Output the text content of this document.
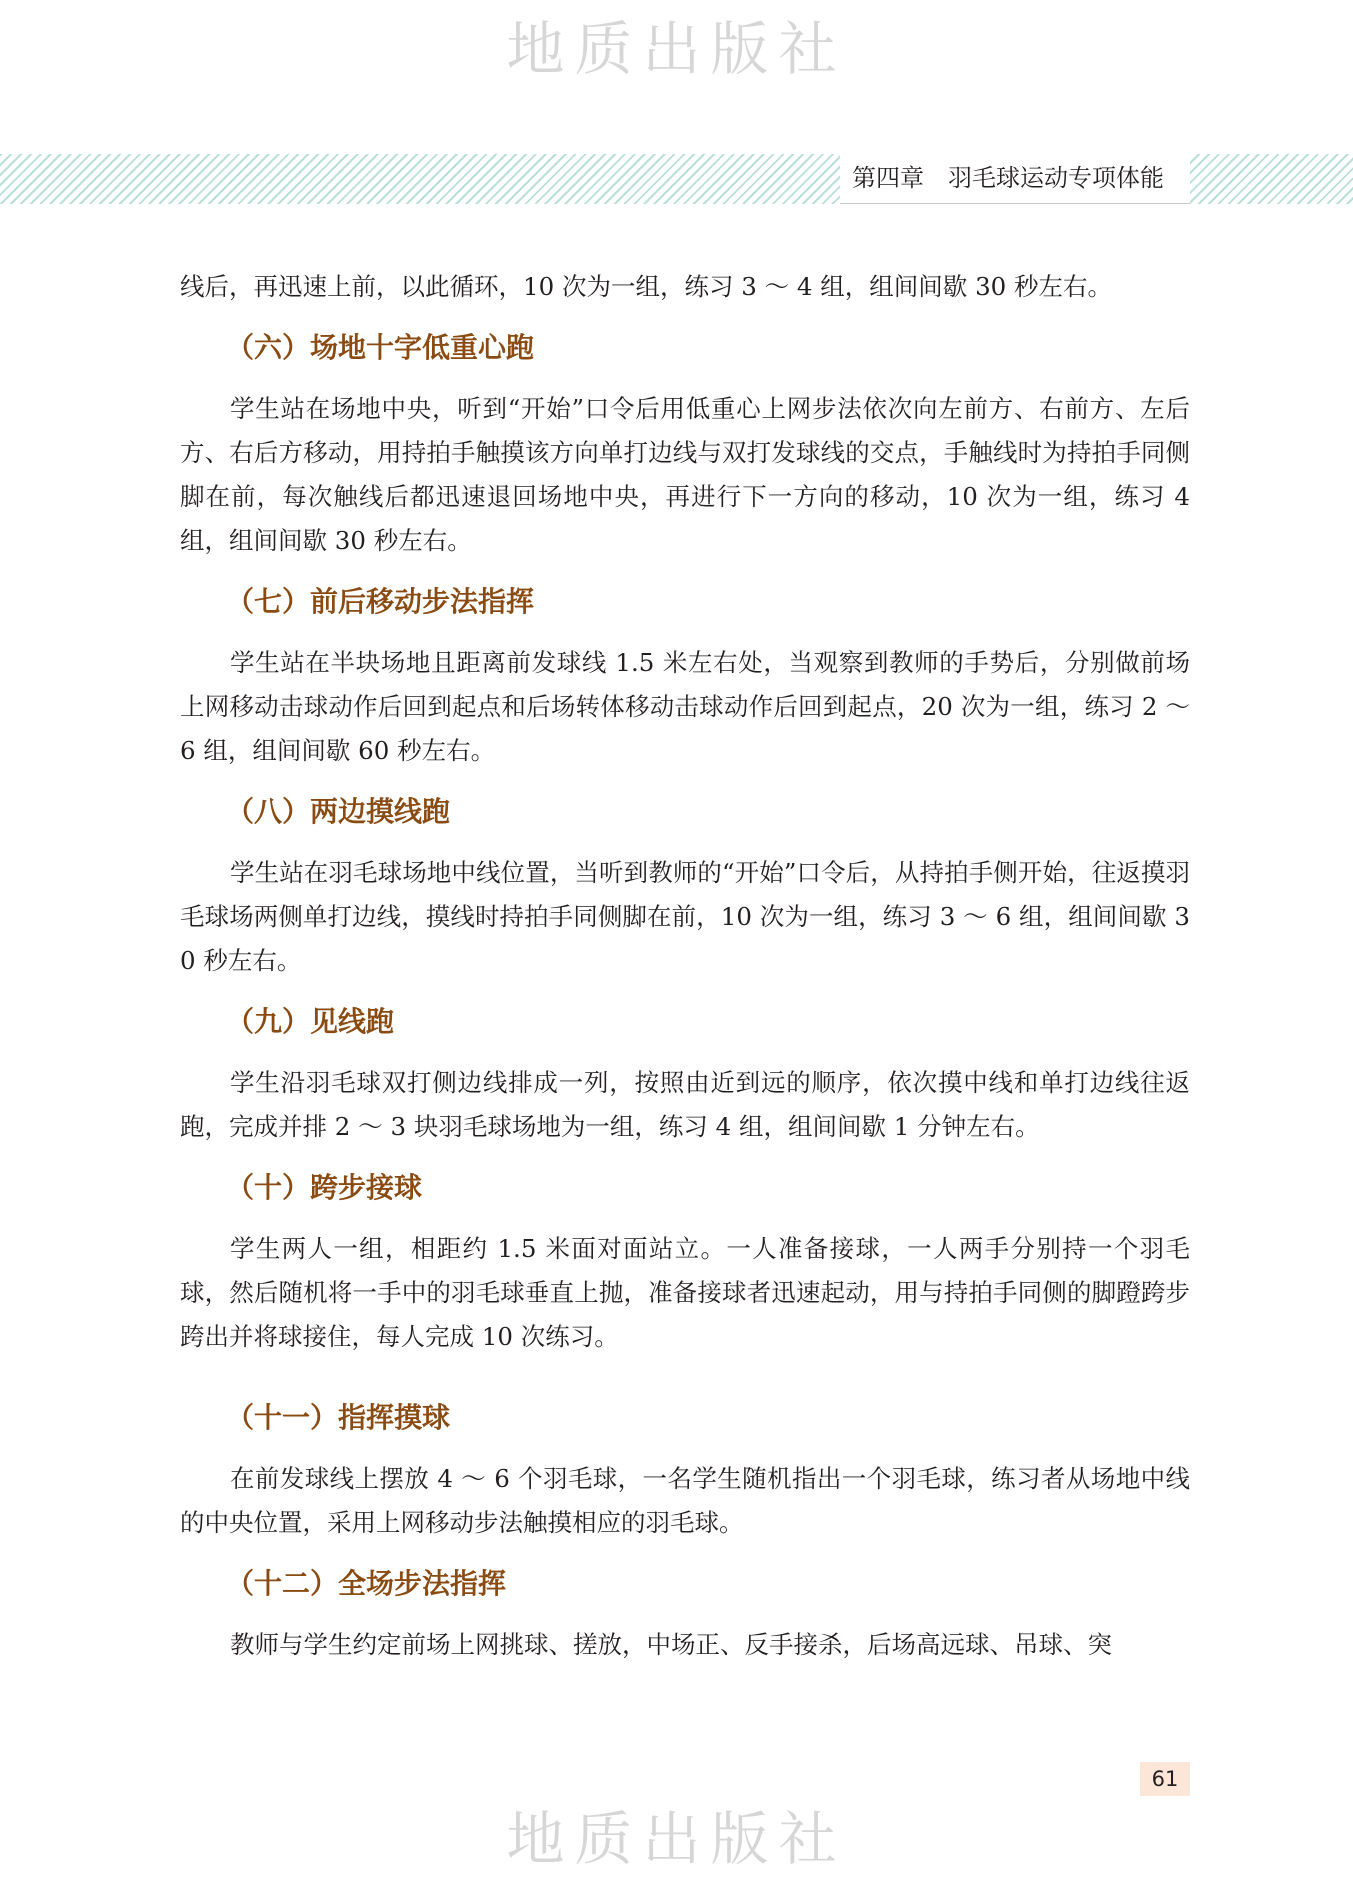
地质出版社
第四章　羽毛球运动专项体能

线后，再迅速上前，以此循环，10 次为一组，练习 3 ～ 4 组，组间间歇 30 秒左右。

（六）场地十字低重心跑

学生站在场地中央，听到“开始”口令后用低重心上网步法依次向左前方、右前方、左后方、右后方移动，用持拍手触摸该方向单打边线与双打发球线的交点，手触线时为持拍手同侧脚在前，每次触线后都迅速退回场地中央，再进行下一方向的移动，10 次为一组，练习 4 组，组间间歇 30 秒左右。

（七）前后移动步法指挥

学生站在半块场地且距离前发球线 1.5 米左右处，当观察到教师的手势后，分别做前场上网移动击球动作后回到起点和后场转体移动击球动作后回到起点，20 次为一组，练习 2 ～ 6 组，组间间歇 60 秒左右。

（八）两边摸线跑

学生站在羽毛球场地中线位置，当听到教师的“开始”口令后，从持拍手侧开始，往返摸羽毛球场两侧单打边线，摸线时持拍手同侧脚在前，10 次为一组，练习 3 ～ 6 组，组间间歇 30 秒左右。

（九）见线跑

学生沿羽毛球双打侧边线排成一列，按照由近到远的顺序，依次摸中线和单打边线往返跑，完成并排 2 ～ 3 块羽毛球场地为一组，练习 4 组，组间间歇 1 分钟左右。

（十）跨步接球

学生两人一组，相距约 1.5 米面对面站立。一人准备接球，一人两手分别持一个羽毛球，然后随机将一手中的羽毛球垂直上抛，准备接球者迅速起动，用与持拍手同侧的脚蹬跨步跨出并将球接住，每人完成 10 次练习。

（十一）指挥摸球

在前发球线上摆放 4 ～ 6 个羽毛球，一名学生随机指出一个羽毛球，练习者从场地中线的中央位置，采用上网移动步法触摸相应的羽毛球。

（十二）全场步法指挥

教师与学生约定前场上网挑球、搓放，中场正、反手接杀，后场高远球、吊球、突

61
地质出版社
